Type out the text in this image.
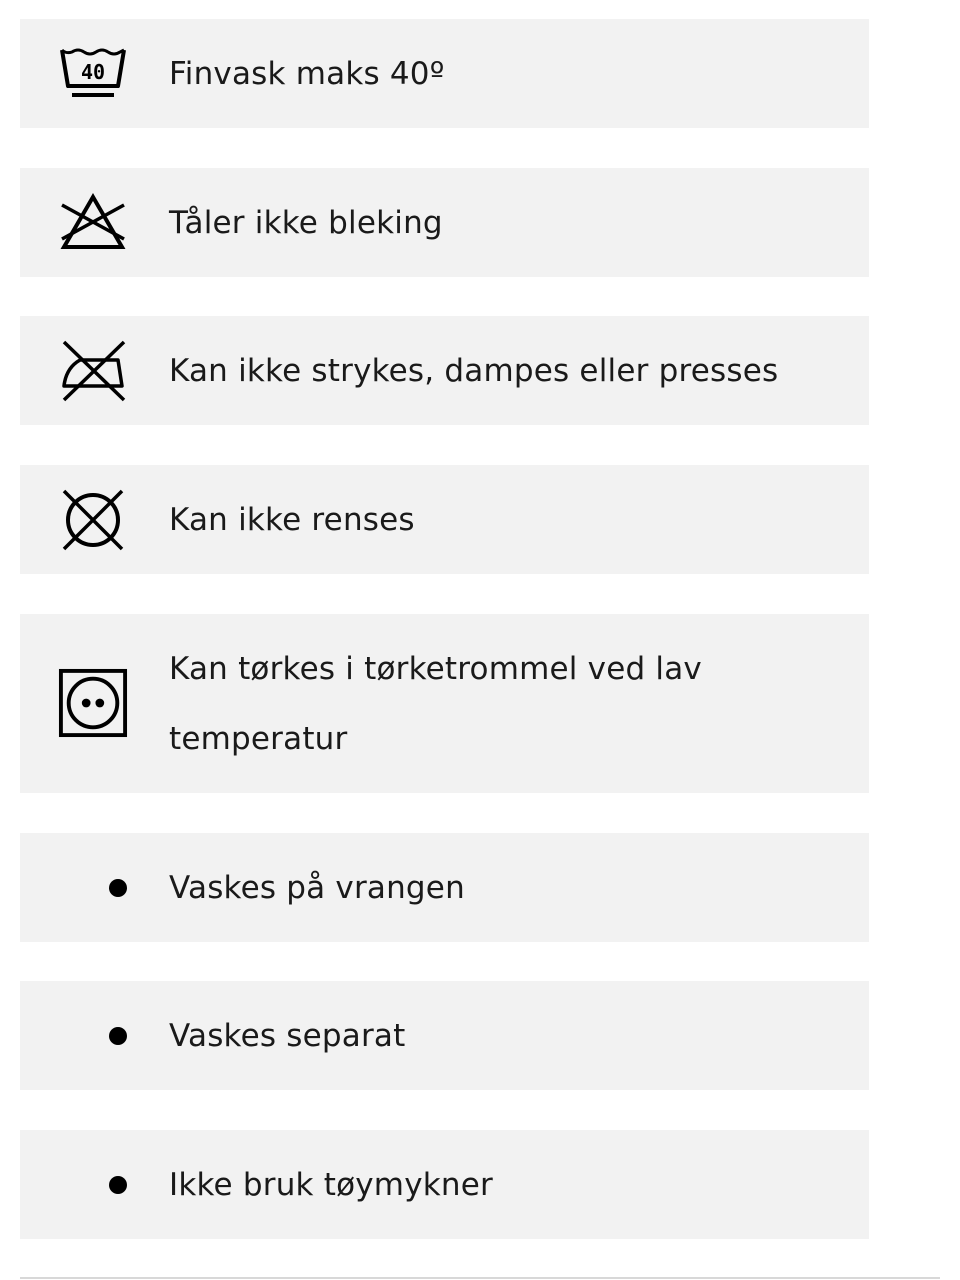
40 Finvask maks 40º
Tåler ikke bleking
Kan ikke strykes, dampes eller presses
Kan ikke renses
Kan tørkes i tørketrommel ved lav temperatur
Vaskes på vrangen
Vaskes separat
Ikke bruk tøymykner
